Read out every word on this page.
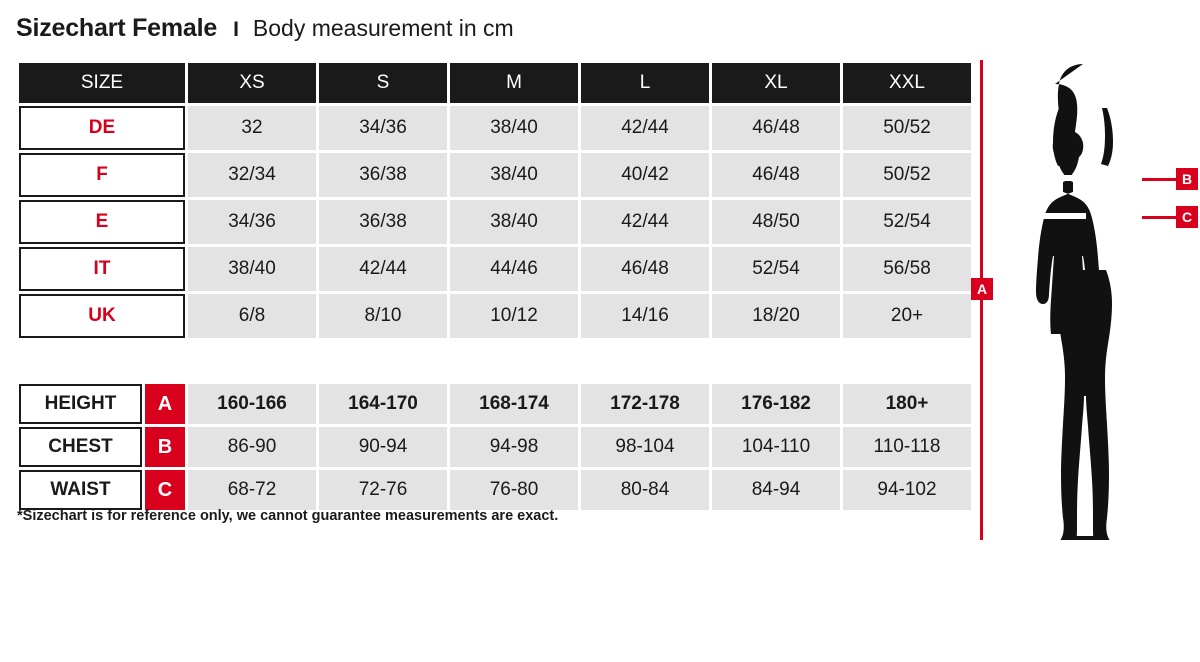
Sizechart Female I Body measurement in cm
SIZE	XS	S	M	L	XL	XXL
DE	32	34/36	38/40	42/44	46/48	50/52
F	32/34	36/38	38/40	40/42	46/48	50/52
E	34/36	36/38	38/40	42/44	48/50	52/54
IT	38/40	42/44	44/46	46/48	52/54	56/58
UK	6/8	8/10	10/12	14/16	18/20	20+

HEIGHT A	160-166	164-170	168-174	172-178	176-182	180+

CHEST B	86-90	90-94	94-98	98-104	104-110	110-118

WAIST C	68-72	72-76	76-80	80-84	84-94	94-102
*Sizechart is for reference only, we cannot guarantee measurements are exact.
A
B
C
